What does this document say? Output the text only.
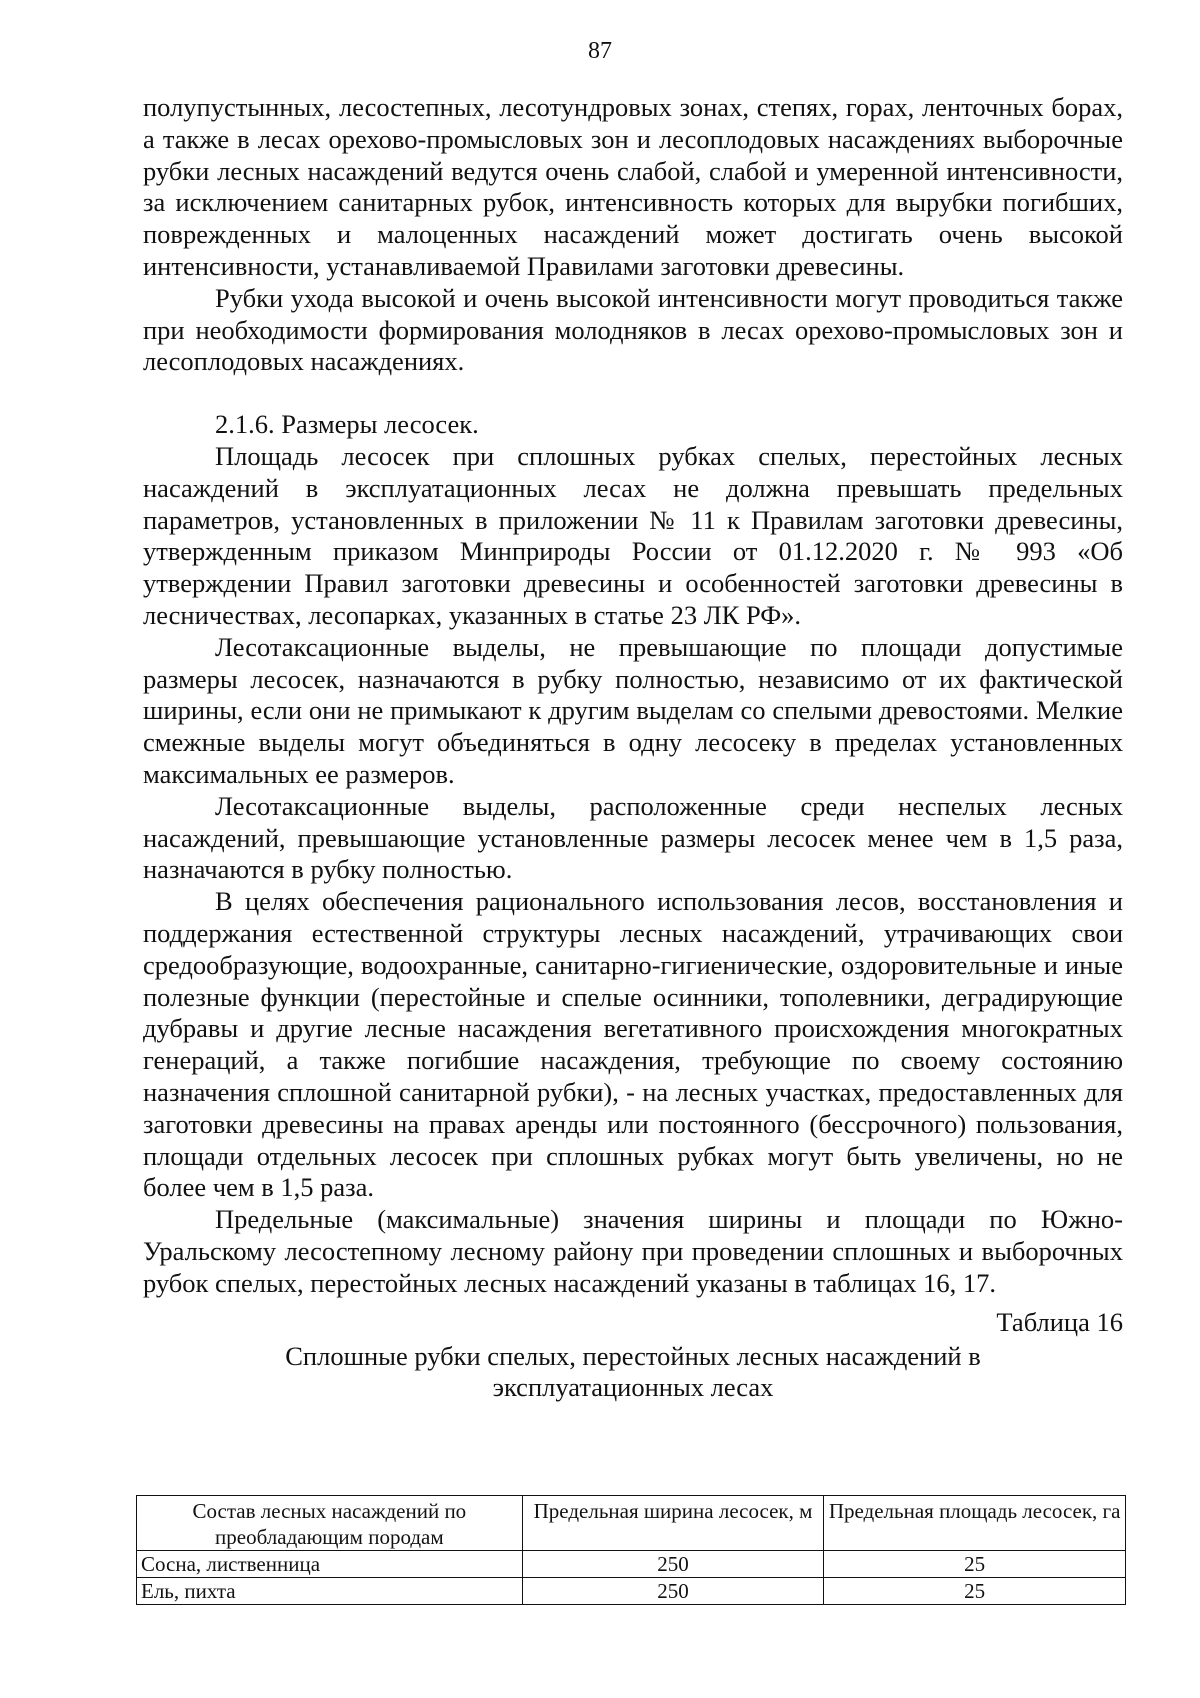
87

полупустынных, лесостепных, лесотундровых зонах, степях, горах, ленточных борах, а также в лесах орехово-промысловых зон и лесоплодовых насаждениях выборочные рубки лесных насаждений ведутся очень слабой, слабой и умеренной интенсивности, за исключением санитарных рубок, интенсивность которых для вырубки погибших, поврежденных и малоценных насаждений может достигать очень высокой интенсивности, устанавливаемой Правилами заготовки древесины.

Рубки ухода высокой и очень высокой интенсивности могут проводиться также при необходимости формирования молодняков в лесах орехово-промысловых зон и лесоплодовых насаждениях.

2.1.6. Размеры лесосек.

Площадь лесосек при сплошных рубках спелых, перестойных лесных насаждений в эксплуатационных лесах не должна превышать предельных параметров, установленных в приложении № 11 к Правилам заготовки древесины, утвержденным приказом Минприроды России от 01.12.2020 г. № 993 «Об утверждении Правил заготовки древесины и особенностей заготовки древесины в лесничествах, лесопарках, указанных в статье 23 ЛК РФ».

Лесотаксационные выделы, не превышающие по площади допустимые размеры лесосек, назначаются в рубку полностью, независимо от их фактической ширины, если они не примыкают к другим выделам со спелыми древостоями. Мелкие смежные выделы могут объединяться в одну лесосеку в пределах установленных максимальных ее размеров.

Лесотаксационные выделы, расположенные среди неспелых лесных насаждений, превышающие установленные размеры лесосек менее чем в 1,5 раза, назначаются в рубку полностью.

В целях обеспечения рационального использования лесов, восстановления и поддержания естественной структуры лесных насаждений, утрачивающих свои средообразующие, водоохранные, санитарно-гигиенические, оздоровительные и иные полезные функции (перестойные и спелые осинники, тополевники, деградирующие дубравы и другие лесные насаждения вегетативного происхождения многократных генераций, а также погибшие насаждения, требующие по своему состоянию назначения сплошной санитарной рубки), - на лесных участках, предоставленных для заготовки древесины на правах аренды или постоянного (бессрочного) пользования, площади отдельных лесосек при сплошных рубках могут быть увеличены, но не более чем в 1,5 раза.

Предельные (максимальные) значения ширины и площади по Южно-Уральскому лесостепному лесному району при проведении сплошных и выборочных рубок спелых, перестойных лесных насаждений указаны в таблицах 16, 17.

Таблица 16
Сплошные рубки спелых, перестойных лесных насаждений в эксплуатационных лесах
Состав лесных насаждений по преобладающим породам	Предельная ширина лесосек, м	Предельная площадь лесосек, га
Сосна, лиственница	250	25
Ель, пихта	250	25
